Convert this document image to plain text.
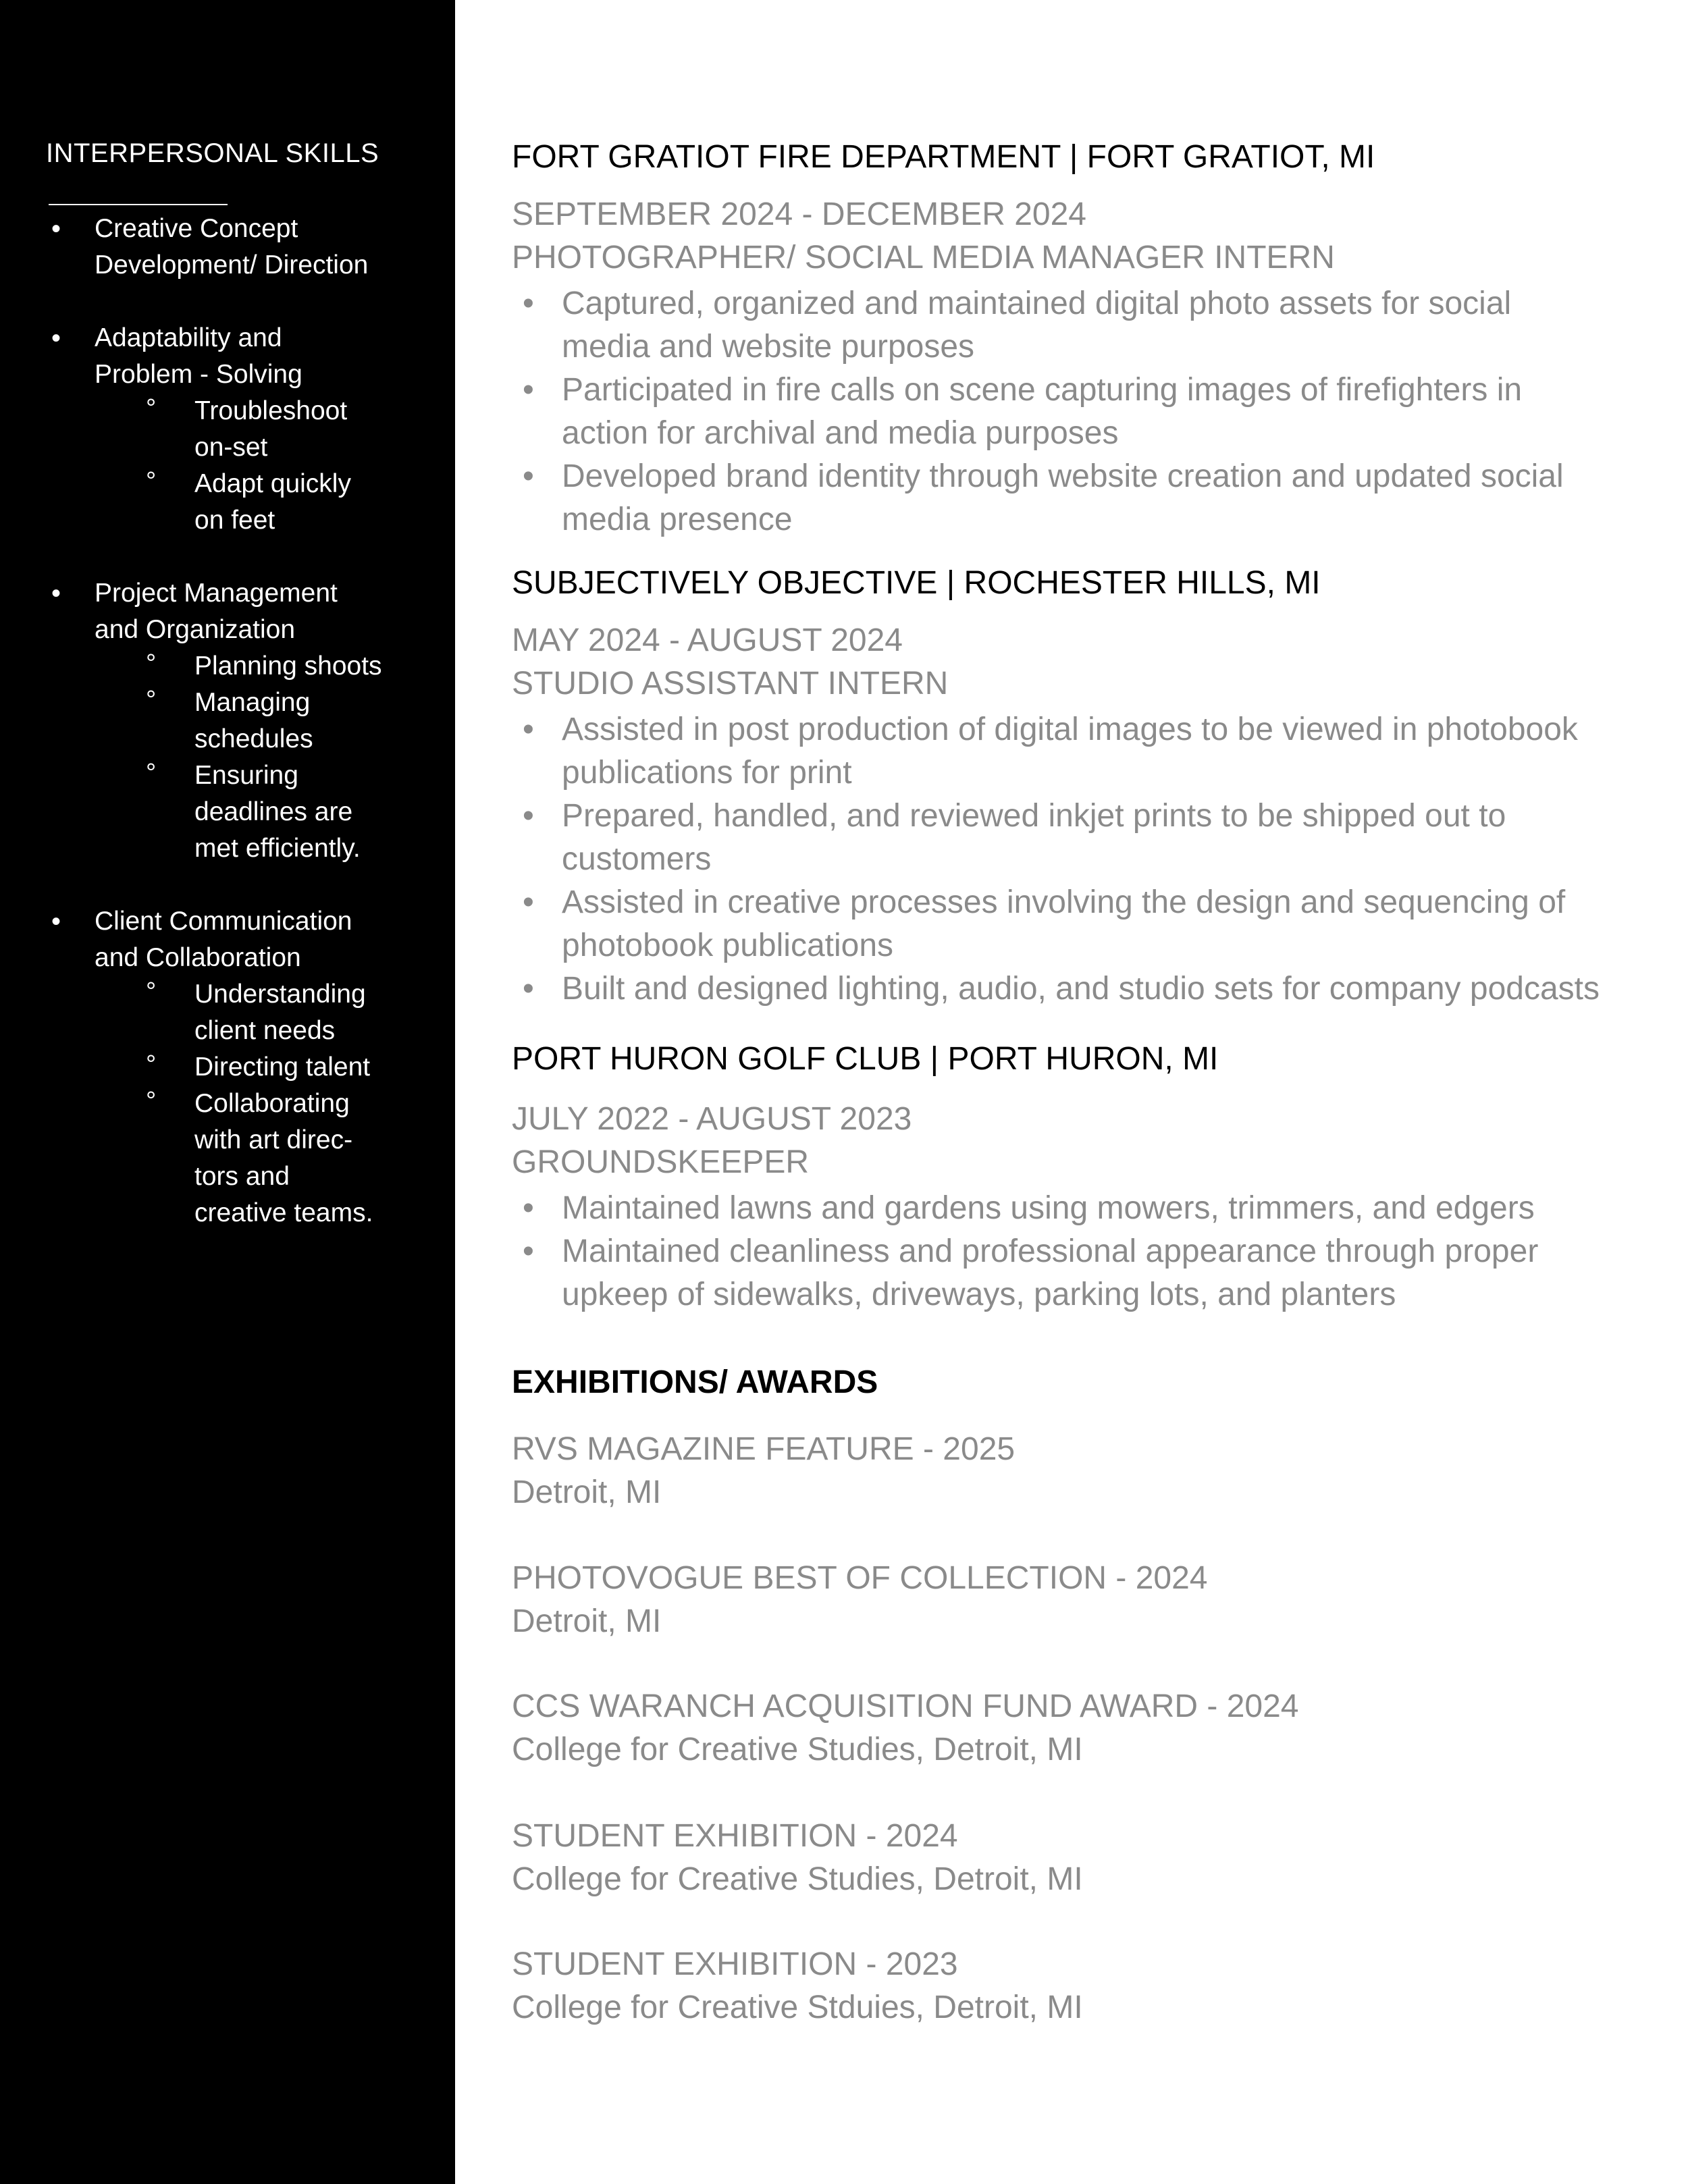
INTERPERSONAL SKILLS
• Creative Concept
Development/ Direction
• Adaptability and
Problem - Solving
° Troubleshoot
on-set
° Adapt quickly
on feet
• Project Management
and Organization
° Planning shoots
° Managing
schedules
° Ensuring
deadlines are
met efficiently.
• Client Communication
and Collaboration
° Understanding
client needs
° Directing talent
° Collaborating
with art direc-
tors and
creative teams.
FORT GRATIOT FIRE DEPARTMENT | FORT GRATIOT, MI
SEPTEMBER 2024 - DECEMBER 2024
PHOTOGRAPHER/ SOCIAL MEDIA MANAGER INTERN
• Captured, organized and maintained digital photo assets for social
media and website purposes
• Participated in fire calls on scene capturing images of firefighters in
action for archival and media purposes
• Developed brand identity through website creation and updated social
media presence
SUBJECTIVELY OBJECTIVE | ROCHESTER HILLS, MI
MAY 2024 - AUGUST 2024
STUDIO ASSISTANT INTERN
• Assisted in post production of digital images to be viewed in photobook
publications for print
• Prepared, handled, and reviewed inkjet prints to be shipped out to
customers
• Assisted in creative processes involving the design and sequencing of
photobook publications
• Built and designed lighting, audio, and studio sets for company podcasts
PORT HURON GOLF CLUB | PORT HURON, MI
JULY 2022 - AUGUST 2023
GROUNDSKEEPER
• Maintained lawns and gardens using mowers, trimmers, and edgers
• Maintained cleanliness and professional appearance through proper
upkeep of sidewalks, driveways, parking lots, and planters
EXHIBITIONS/ AWARDS
RVS MAGAZINE FEATURE - 2025
Detroit, MI
PHOTOVOGUE BEST OF COLLECTION - 2024
Detroit, MI
CCS WARANCH ACQUISITION FUND AWARD - 2024
College for Creative Studies, Detroit, MI
STUDENT EXHIBITION - 2024
College for Creative Studies, Detroit, MI
STUDENT EXHIBITION - 2023
College for Creative Stduies, Detroit, MI
